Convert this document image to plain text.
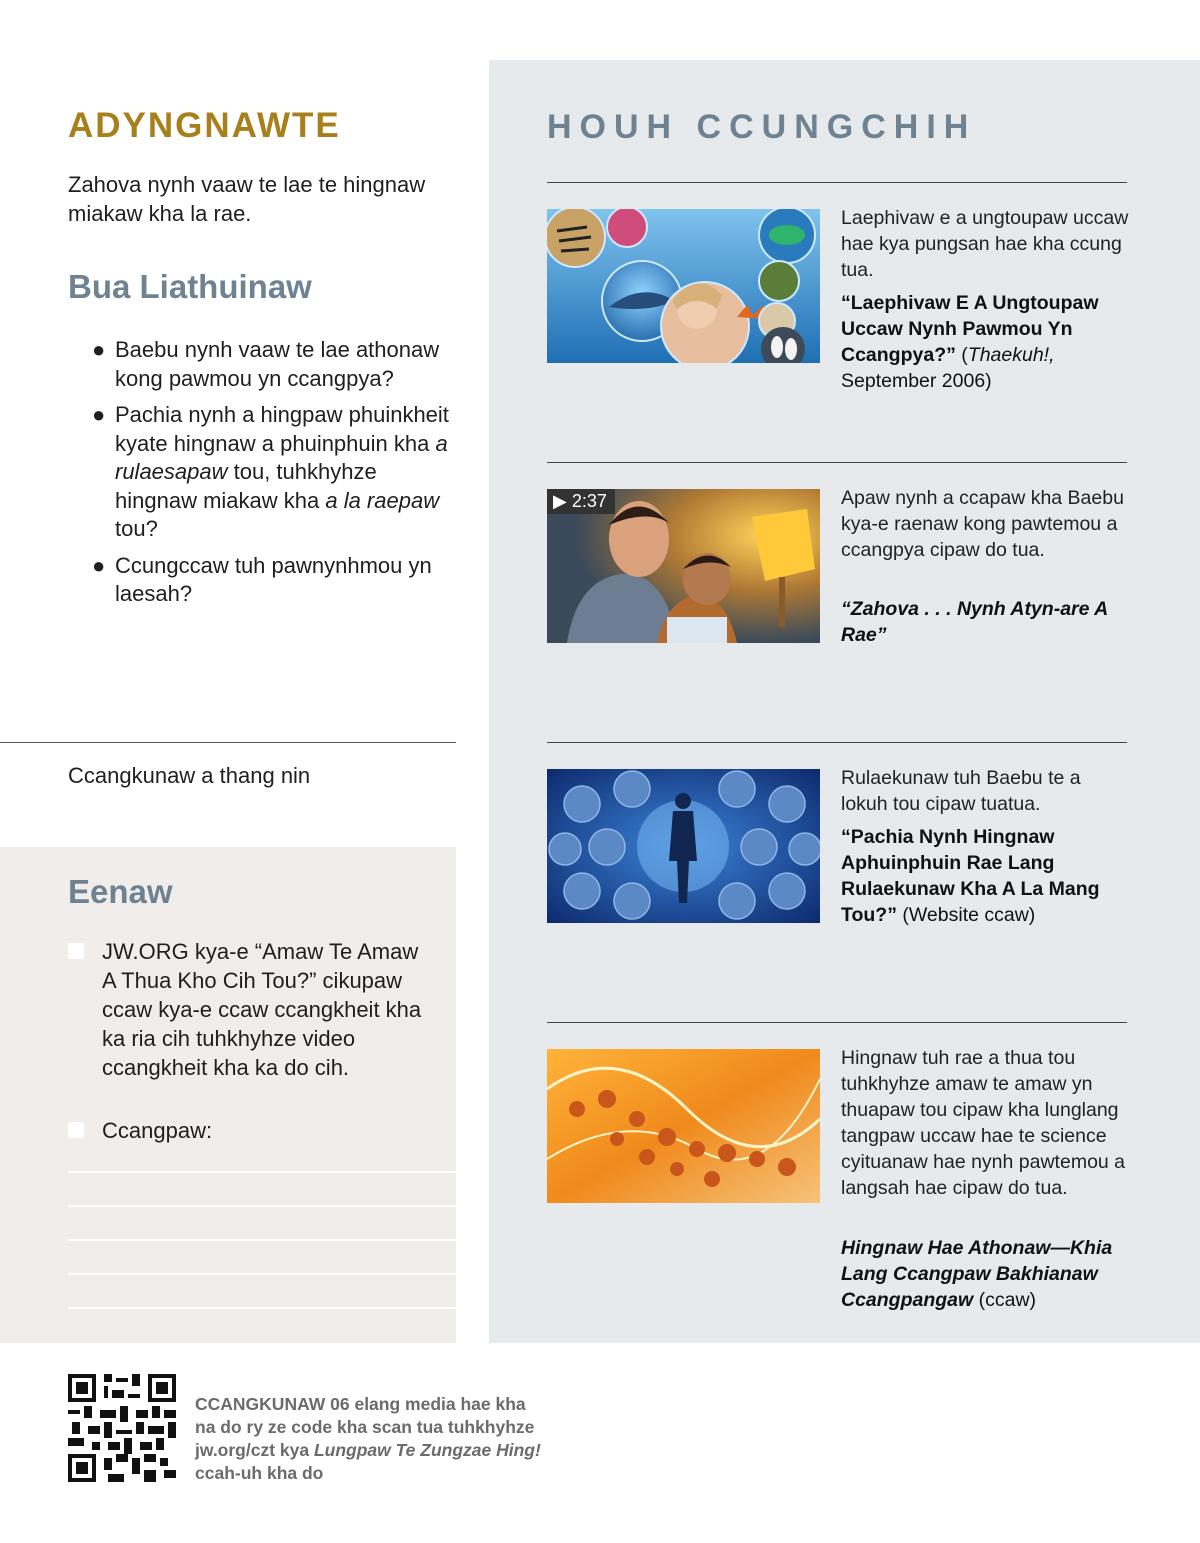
ADYNGNAWTE
Zahova nynh vaaw te lae te hingnaw miakaw kha la rae.
Bua Liathuinaw
● Baebu nynh vaaw te lae athonaw kong pawmou yn ccangpya?
● Pachia nynh a hingpaw phuinkheit kyate hingnaw a phuinphuin kha a rulaesapaw tou, tuhkhyhze hingnaw miakaw kha a la raepaw tou?
● Ccungccaw tuh pawnynhmou yn laesah?
Ccangkunaw a thang nin
Eenaw
JW.ORG kya-e “Amaw Te Amaw A Thua Kho Cih Tou?” cikupaw ccaw kya-e ccaw ccangkheit kha ka ria cih tuhkhyhze video ccangkheit kha ka do cih.
Ccangpaw:
HOUH CCUNGCHIH
Laephivaw e a ungtoupaw uccaw hae kya pungsan hae kha ccung tua.
“Laephivaw E A Ungtoupaw Uccaw Nynh Pawmou Yn Ccangpya?” (Thaekuh!,
September 2006)
▶ 2:37	Apaw nynh a ccapaw kha Baebu kya-e raenaw kong pawtemou a ccangpya cipaw do tua.
“Zahova . . . Nynh Atyn-are A Rae”
Rulaekunaw tuh Baebu te a lokuh tou cipaw tuatua.
“Pachia Nynh Hingnaw Aphuinphuin Rae Lang Rulaekunaw Kha A La Mang Tou?” (Website ccaw)
Hingnaw tuh rae a thua tou tuhkhyhze amaw te amaw yn thuapaw tou cipaw kha lunglang tangpaw uccaw hae te science cyituanaw hae nynh pawtemou a langsah hae cipaw do tua.
Hingnaw Hae Athonaw—Khia Lang Ccangpaw Bakhianaw Ccangpangaw (ccaw)
CCANGKUNAW 06 elang media hae kha
na do ry ze code kha scan tua tuhkhyhze
jw.org/czt kya Lungpaw Te Zungzae Hing!
ccah-uh kha do
